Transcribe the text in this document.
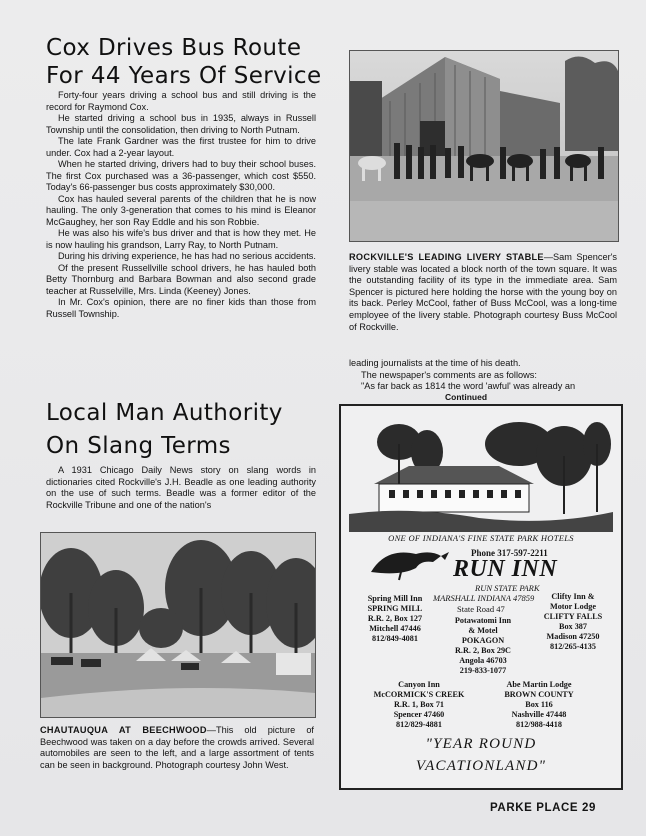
Cox Drives Bus Route
For 44 Years Of Service

Forty-four years driving a school bus and still driving is the record for Raymond Cox.

He started driving a school bus in 1935, always in Russell Township until the consolidation, then driving to North Putnam.

The late Frank Gardner was the first trustee for him to drive under. Cox had a 2-year layout.

When he started driving, drivers had to buy their school buses. The first Cox purchased was a 36-passenger, which cost $550. Today's 66-passenger bus costs approximately $30,000.

Cox has hauled several parents of the children that he is now hauling. The only 3-generation that comes to his mind is Eleanor McGaughey, her son Ray Eddle and his son Robbie.

He was also his wife's bus driver and that is how they met. He is now hauling his grandson, Larry Ray, to North Putnam.

During his driving experience, he has had no serious accidents.

Of the present Russellville school drivers, he has hauled both Betty Thornburg and Barbara Bowman and also second grade teacher at Russelville, Mrs. Linda (Keeney) Jones.

In Mr. Cox's opinion, there are no finer kids than those from Russell Township.

ROCKVILLE'S LEADING LIVERY STABLE—Sam Spencer's livery stable was located a block north of the town square. It was the outstanding facility of its type in the immediate area. Sam Spencer is pictured here holding the horse with the young boy on its back. Perley McCool, father of Buss McCool, was a long-time employee of the livery stable. Photograph courtesy Buss McCool of Rockville.

leading journalists at the time of his death.
The newspaper's comments are as follows:
"As far back as 1814 the word 'awful' was already an
Continued
Local Man Authority
On Slang Terms

A 1931 Chicago Daily News story on slang words in dictionaries cited Rockville's J.H. Beadle as one leading authority on the use of such terms. Beadle was a former editor of the Rockville Tribune and one of the nation's

CHAUTAUQUA AT BEECHWOOD—This old picture of Beechwood was taken on a day before the crowds arrived. Several automobiles are seen to the left, and a large assortment of tents can be seen in background. Photograph courtesy John West.

ONE OF INDIANA'S FINE STATE PARK HOTELS
Phone 317-597-2211
RUN INN
RUN STATE PARK
MARSHALL INDIANA 47859
State Road 47
Spring Mill Inn
SPRING MILL
R.R. 2, Box 127
Mitchell 47446
812/849-4081
Potawatomi Inn
& Motel
POKAGON
R.R. 2, Box 29C
Angola 46703
219-833-1077
Clifty Inn &
Motor Lodge
CLIFTY FALLS
Box 387
Madison 47250
812/265-4135
Canyon Inn
McCORMICK'S CREEK
R.R. 1, Box 71
Spencer 47460
812/829-4881
Abe Martin Lodge
BROWN COUNTY
Box 116
Nashville 47448
812/988-4418
"YEAR ROUND
VACATIONLAND"
PARKE PLACE 29
